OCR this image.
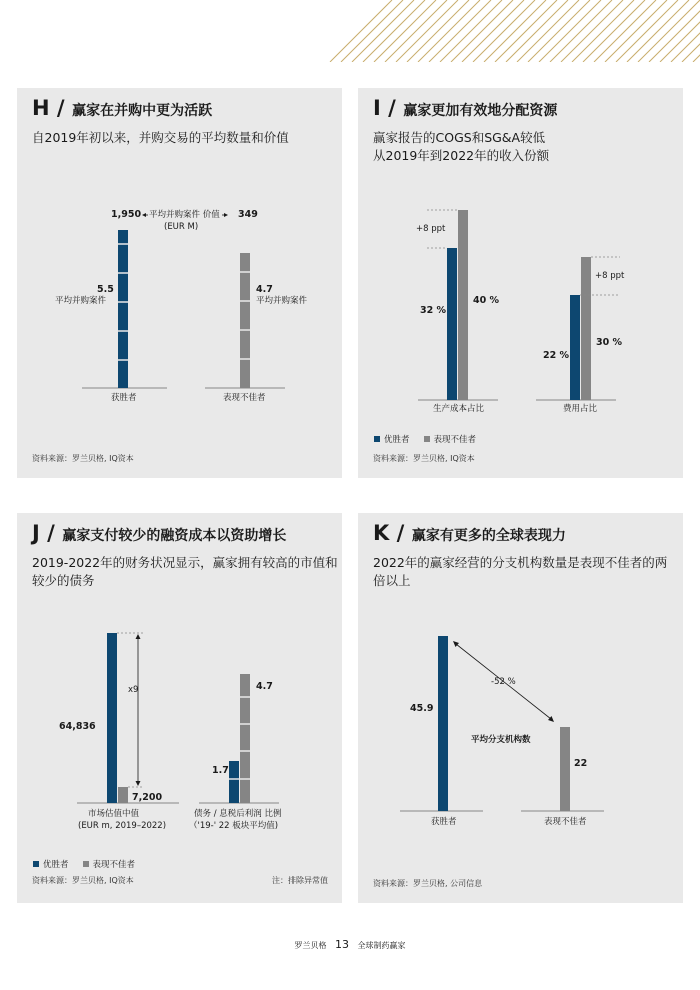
H / 赢家在并购中更为活跃
自2019年初以来，并购交易的平均数量和价值
1,950 平均并购案件 价值
(EUR M)
349
5.5
平均并购案件
4.7
平均并购案件
获胜者	表现不佳者
资料来源：罗兰贝格, IQ资本
I / 赢家更加有效地分配资源
赢家报告的COGS和SG&A较低
从2019年到2022年的收入份额
+8 ppt
32 %
40 %
+8 ppt
22 %
30 %
生产成本占比	费用占比
优胜者	表现不佳者
资料来源：罗兰贝格, IQ资本
J / 赢家支付较少的融资成本以资助增长
2019-2022年的财务状况显示，赢家拥有较高的市值和
较少的债务
x9
64,836
7,200
1.7
4.7
市场估值中值
(EUR m, 2019–2022)
债务 / 息税后利润 比例
（'19-' 22 板块平均值)
优胜者	表现不佳者
资料来源：罗兰贝格, IQ资本	注：排除异常值
K / 赢家有更多的全球表现力
2022年的赢家经营的分支机构数量是表现不佳者的两
倍以上
-52 %
45.9
平均分支机构数
22
获胜者	表现不佳者
资料来源：罗兰贝格, 公司信息
罗兰贝格 13 全球制药赢家
